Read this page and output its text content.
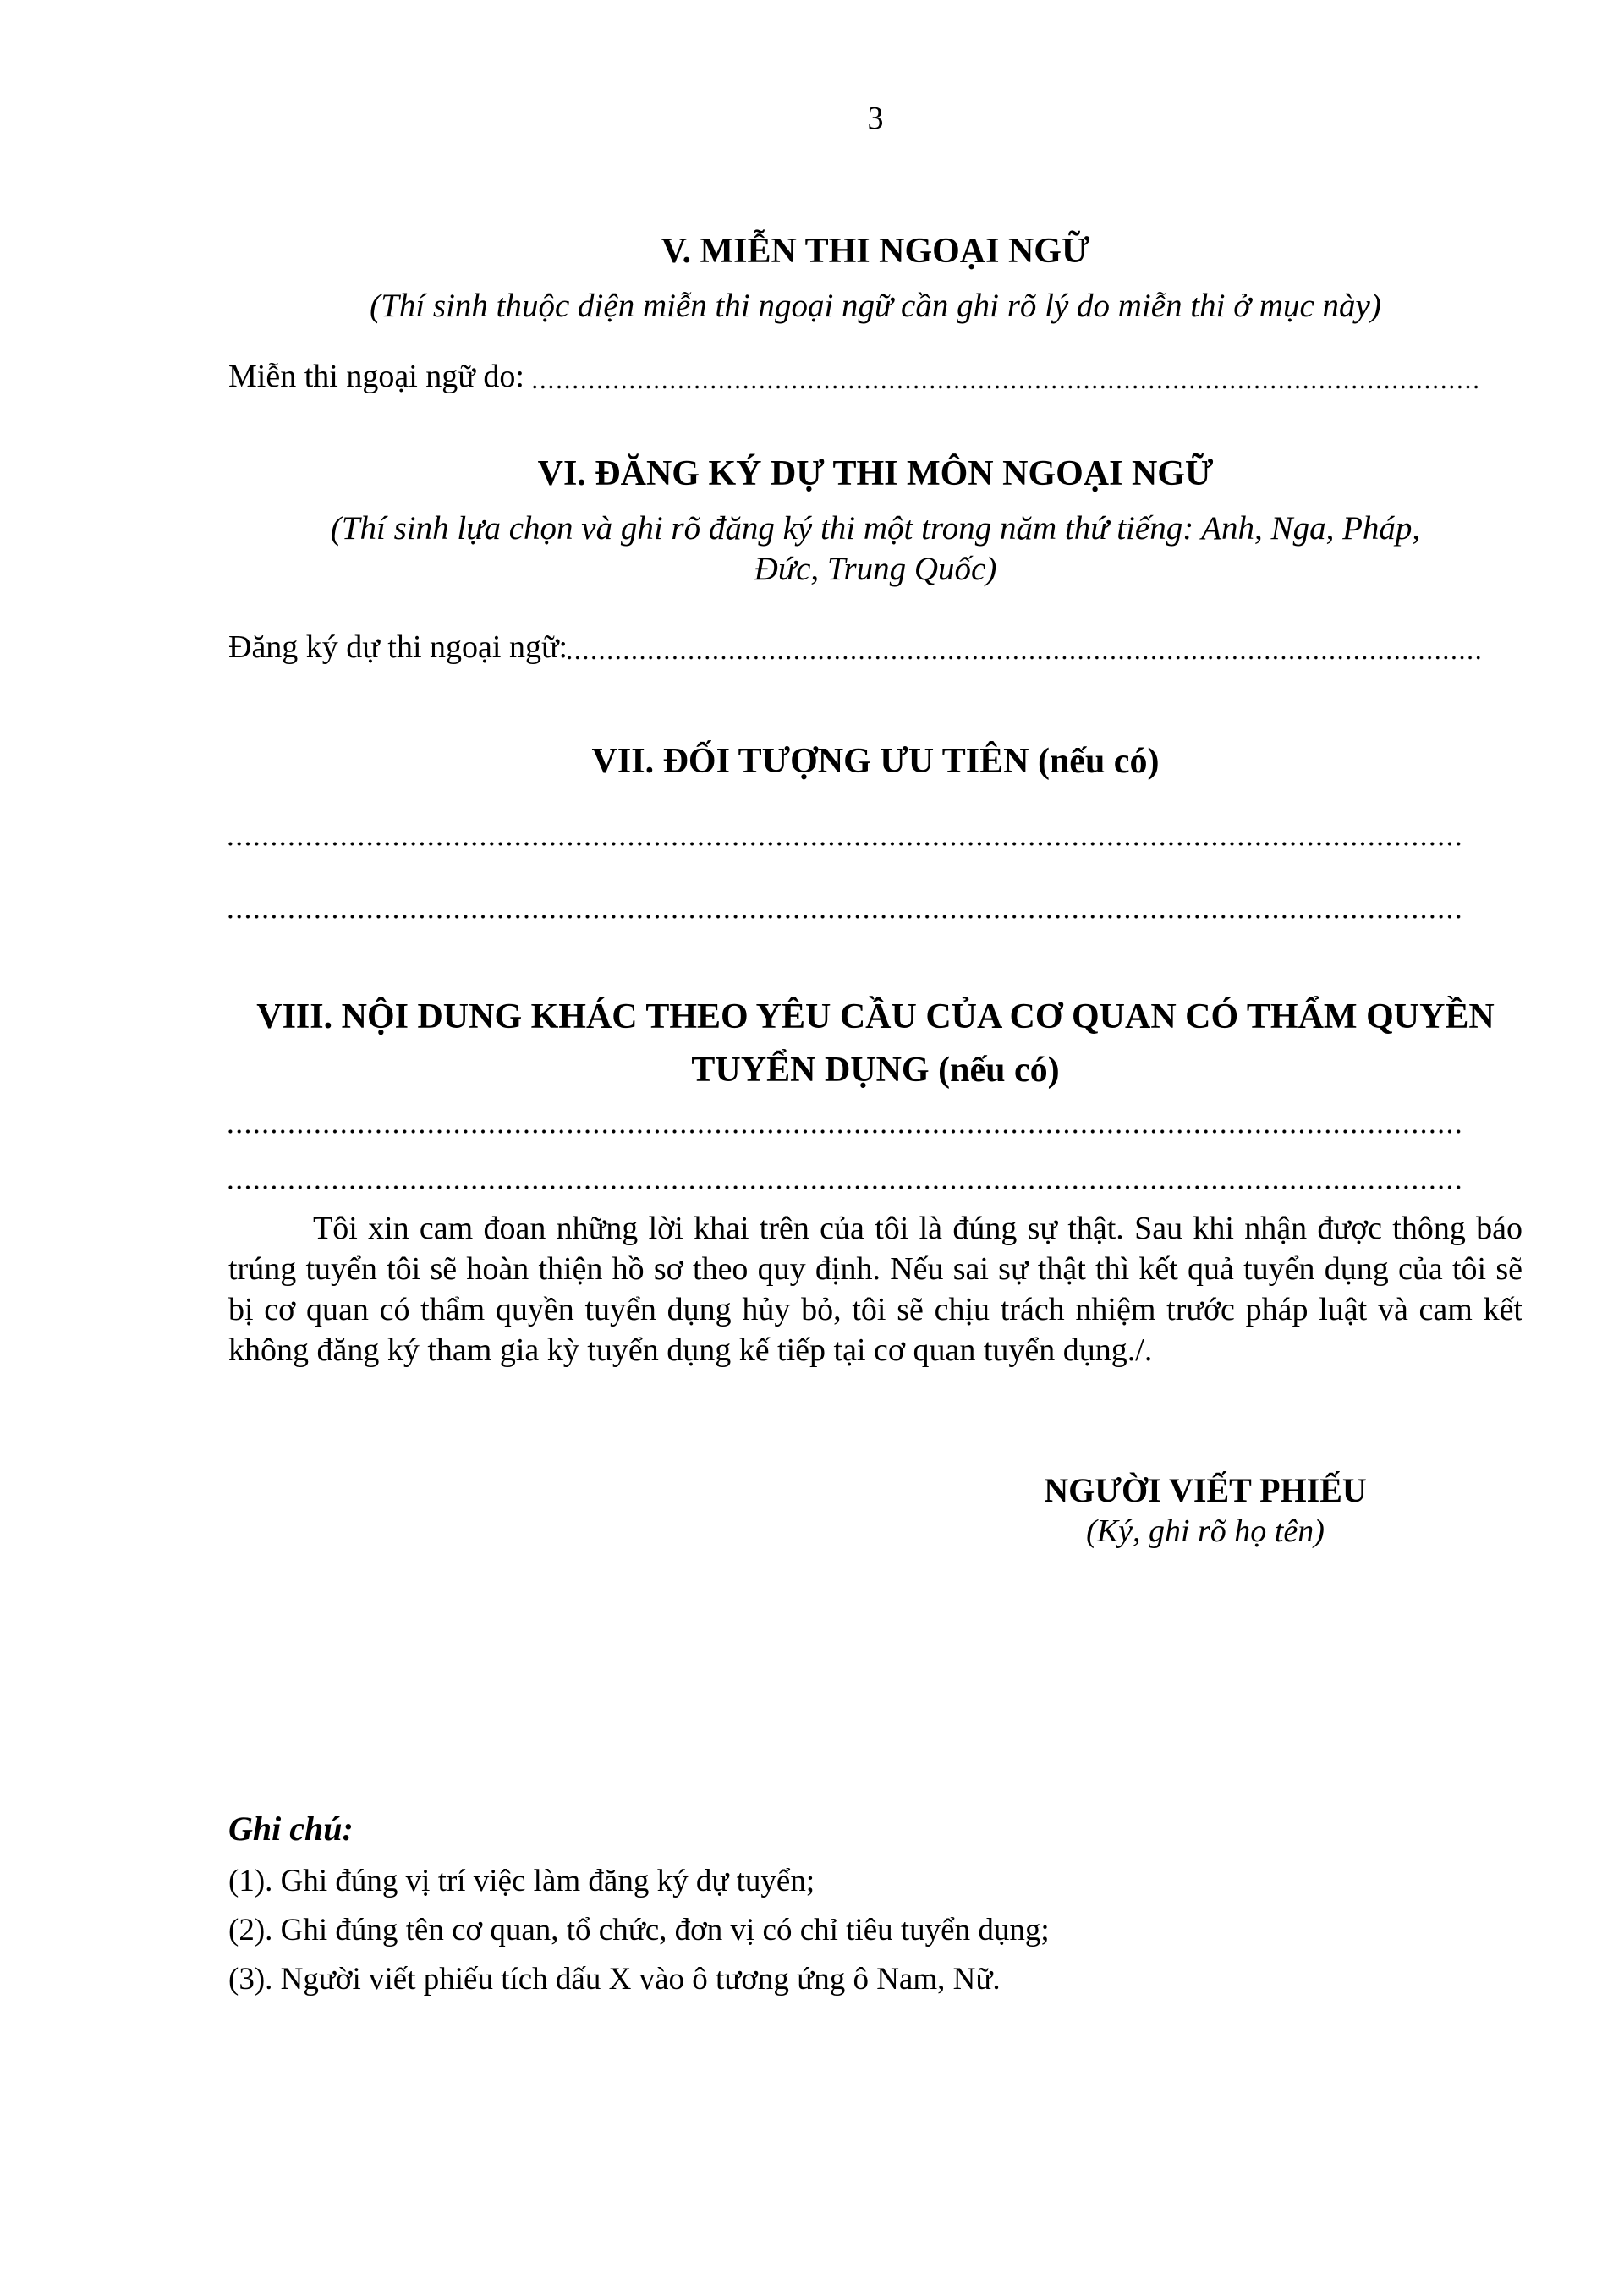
3
V. MIỄN THI NGOẠI NGỮ
(Thí sinh thuộc diện miễn thi ngoại ngữ cần ghi rõ lý do miễn thi ở mục này)
Miễn thi ngoại ngữ do:
VI. ĐĂNG KÝ DỰ THI MÔN NGOẠI NGỮ
(Thí sinh lựa chọn và ghi rõ đăng ký thi một trong năm thứ tiếng: Anh, Nga, Pháp, Đức, Trung Quốc)
Đăng ký dự thi ngoại ngữ:
VII. ĐỐI TƯỢNG ƯU TIÊN (nếu có)
VIII. NỘI DUNG KHÁC THEO YÊU CẦU CỦA CƠ QUAN CÓ THẨM QUYỀN TUYỂN DỤNG (nếu có)
Tôi xin cam đoan những lời khai trên của tôi là đúng sự thật. Sau khi nhận được thông báo trúng tuyển tôi sẽ hoàn thiện hồ sơ theo quy định. Nếu sai sự thật thì kết quả tuyển dụng của tôi sẽ bị cơ quan có thẩm quyền tuyển dụng hủy bỏ, tôi sẽ chịu trách nhiệm trước pháp luật và cam kết không đăng ký tham gia kỳ tuyển dụng kế tiếp tại cơ quan tuyển dụng./.
NGƯỜI VIẾT PHIẾU
(Ký, ghi rõ họ tên)
Ghi chú:
(1). Ghi đúng vị trí việc làm đăng ký dự tuyển;
(2). Ghi đúng tên cơ quan, tổ chức, đơn vị có chỉ tiêu tuyển dụng;
(3). Người viết phiếu tích dấu X vào ô tương ứng ô Nam, Nữ.
